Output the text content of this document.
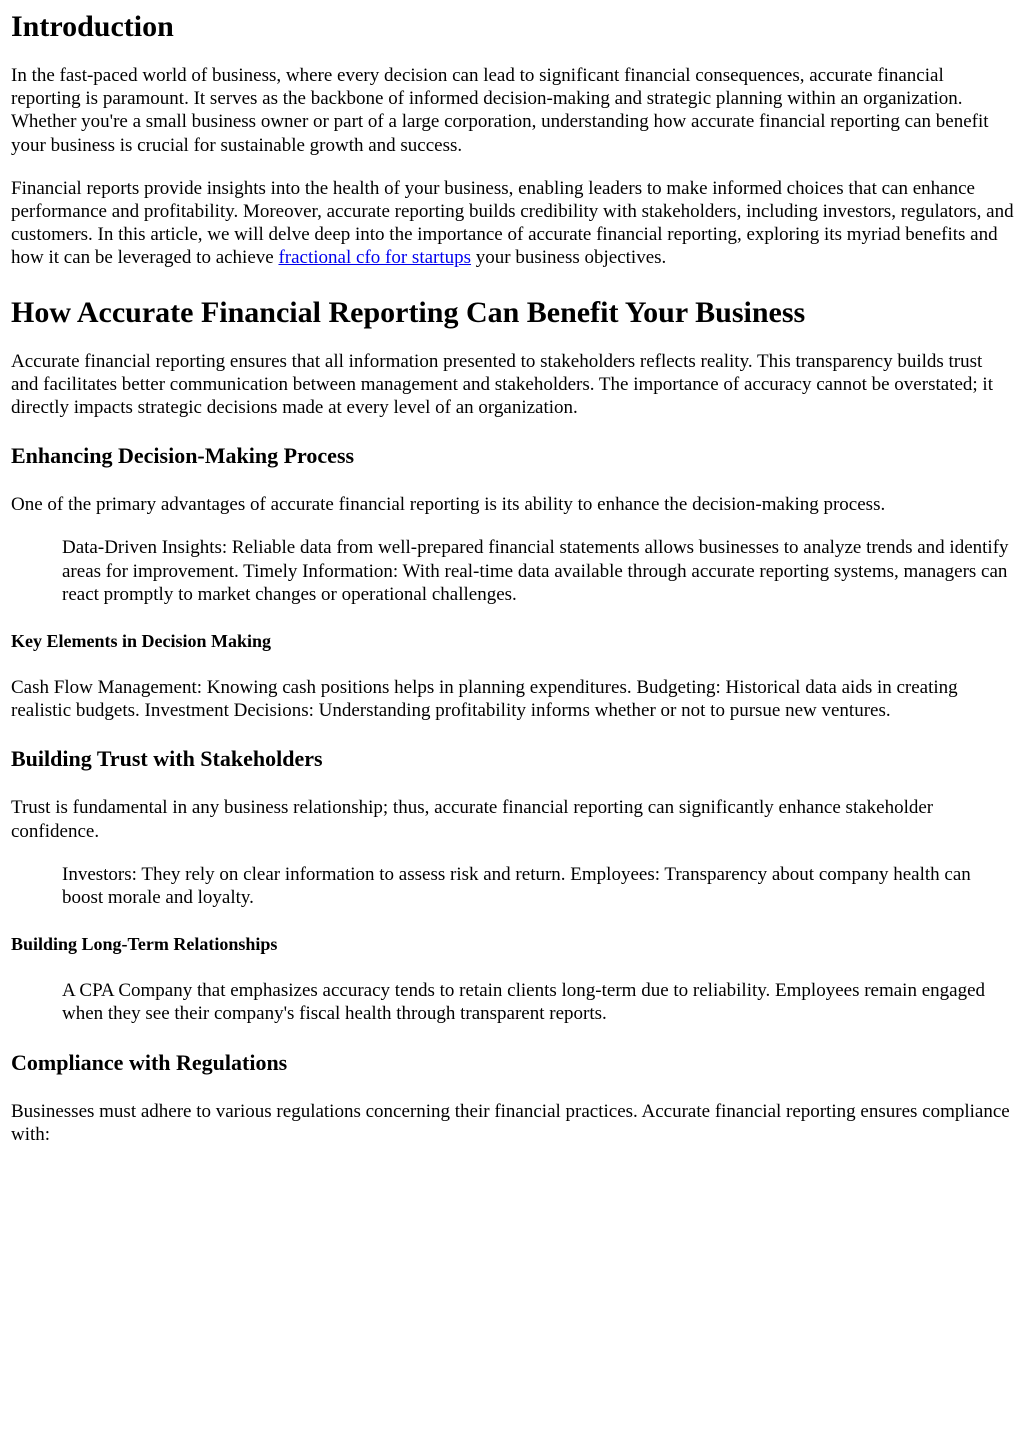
Introduction

In the fast-paced world of business, where every decision can lead to significant financial consequences, accurate financial reporting is paramount. It serves as the backbone of informed decision-making and strategic planning within an organization. Whether you're a small business owner or part of a large corporation, understanding how accurate financial reporting can benefit your business is crucial for sustainable growth and success.

Financial reports provide insights into the health of your business, enabling leaders to make informed choices that can enhance performance and profitability. Moreover, accurate reporting builds credibility with stakeholders, including investors, regulators, and customers. In this article, we will delve deep into the importance of accurate financial reporting, exploring its myriad benefits and how it can be leveraged to achieve fractional cfo for startups your business objectives.

How Accurate Financial Reporting Can Benefit Your Business

Accurate financial reporting ensures that all information presented to stakeholders reflects reality. This transparency builds trust and facilitates better communication between management and stakeholders. The importance of accuracy cannot be overstated; it directly impacts strategic decisions made at every level of an organization.

Enhancing Decision-Making Process

One of the primary advantages of accurate financial reporting is its ability to enhance the decision-making process.

Data-Driven Insights: Reliable data from well-prepared financial statements allows businesses to analyze trends and identify areas for improvement. Timely Information: With real-time data available through accurate reporting systems, managers can react promptly to market changes or operational challenges.
Key Elements in Decision Making

Cash Flow Management: Knowing cash positions helps in planning expenditures. Budgeting: Historical data aids in creating realistic budgets. Investment Decisions: Understanding profitability informs whether or not to pursue new ventures.

Building Trust with Stakeholders

Trust is fundamental in any business relationship; thus, accurate financial reporting can significantly enhance stakeholder confidence.

Investors: They rely on clear information to assess risk and return. Employees: Transparency about company health can boost morale and loyalty.
Building Long-Term Relationships
A CPA Company that emphasizes accuracy tends to retain clients long-term due to reliability. Employees remain engaged when they see their company's fiscal health through transparent reports.
Compliance with Regulations

Businesses must adhere to various regulations concerning their financial practices. Accurate financial reporting ensures compliance with:
